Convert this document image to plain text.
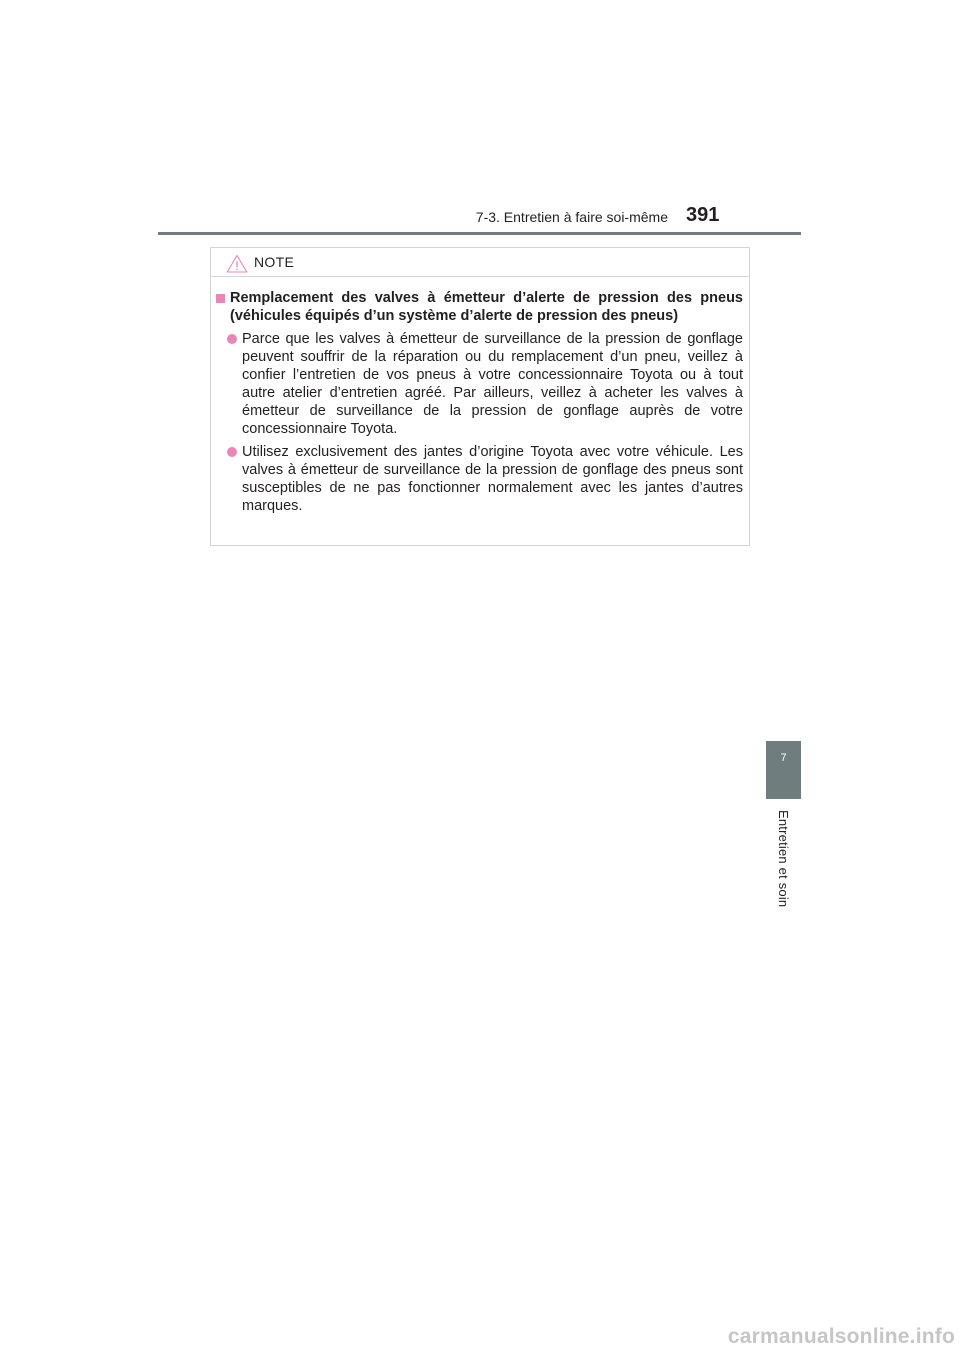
7-3. Entretien à faire soi-même 391
7
Entretien et soin
NOTE
Remplacement des valves à émetteur d’alerte de pression des pneus (véhicules équipés d’un système d’alerte de pression des pneus)
Parce que les valves à émetteur de surveillance de la pression de gonflage peuvent souffrir de la réparation ou du remplacement d’un pneu, veillez à confier l’entretien de vos pneus à votre concessionnaire Toyota ou à tout autre atelier d’entretien agréé. Par ailleurs, veillez à acheter les valves à émetteur de surveillance de la pression de gonflage auprès de votre concessionnaire Toyota.
Utilisez exclusivement des jantes d’origine Toyota avec votre véhicule. Les valves à émetteur de surveillance de la pression de gonflage des pneus sont susceptibles de ne pas fonctionner normalement avec les jantes d’autres marques.
carmanualsonline.info
